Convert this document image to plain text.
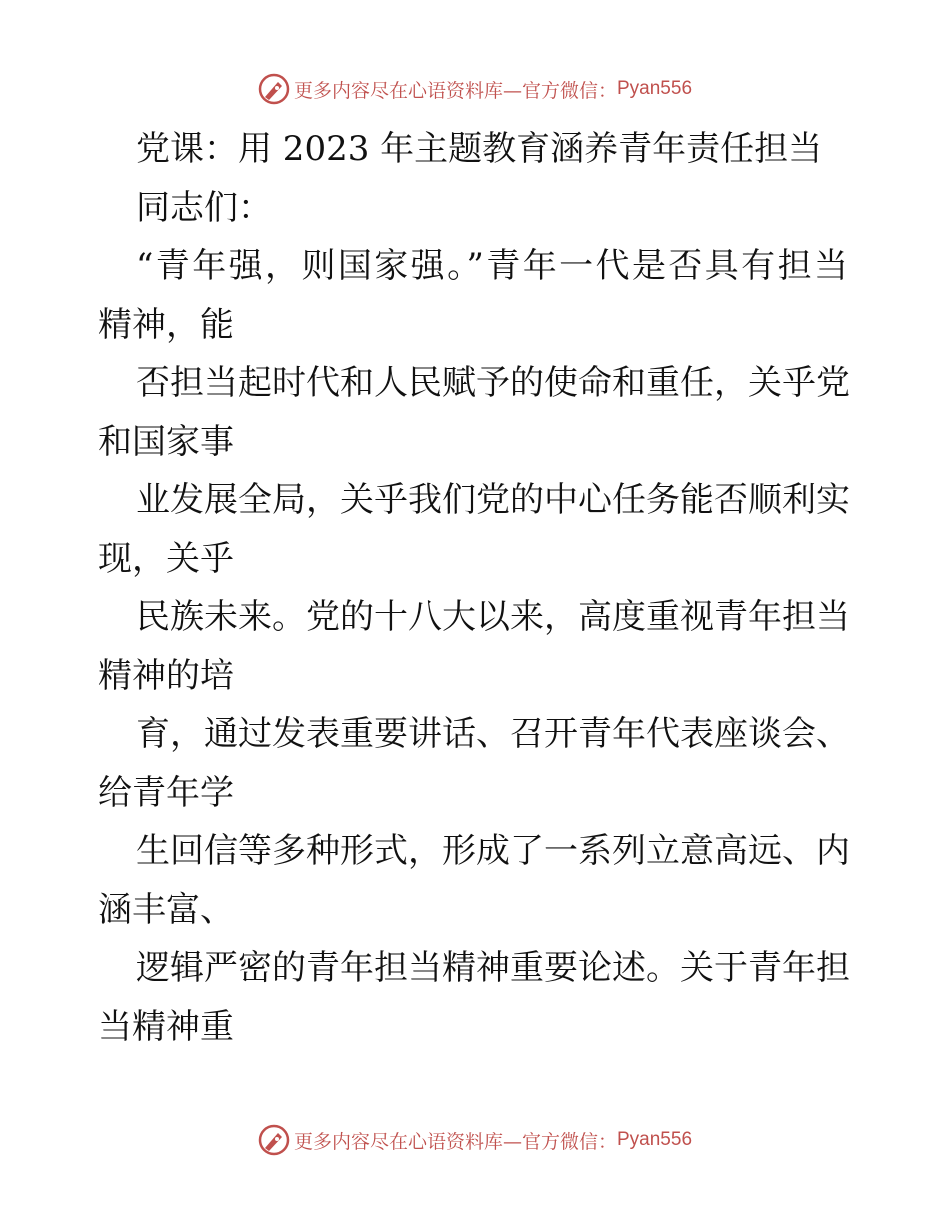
更多内容尽在心语资料库—官方微信： Pyan556
党课：用 2023 年主题教育涵养青年责任担当
同志们：
“青年强，则国家强。”青年一代是否具有担当
精神，能
否担当起时代和人民赋予的使命和重任，关乎党
和国家事
业发展全局，关乎我们党的中心任务能否顺利实
现，关乎
民族未来。党的十八大以来，高度重视青年担当
精神的培
育，通过发表重要讲话、召开青年代表座谈会、
给青年学
生回信等多种形式，形成了一系列立意高远、内
涵丰富、
逻辑严密的青年担当精神重要论述。关于青年担
当精神重
更多内容尽在心语资料库—官方微信： Pyan556
